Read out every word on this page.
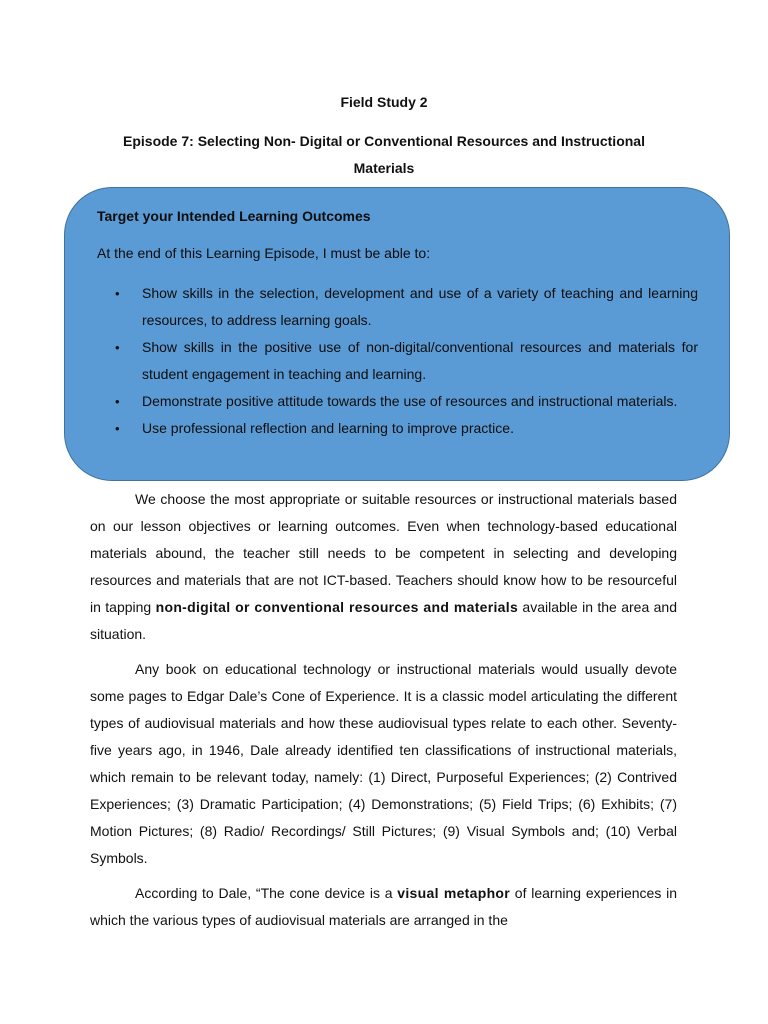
Field Study 2
Episode 7: Selecting Non- Digital or Conventional Resources and Instructional Materials
Target your Intended Learning Outcomes
At the end of this Learning Episode, I must be able to:
• Show skills in the selection, development and use of a variety of teaching and learning resources, to address learning goals.
• Show skills in the positive use of non-digital/conventional resources and materials for student engagement in teaching and learning.
• Demonstrate positive attitude towards the use of resources and instructional materials.
• Use professional reflection and learning to improve practice.

We choose the most appropriate or suitable resources or instructional materials based on our lesson objectives or learning outcomes. Even when technology-based educational materials abound, the teacher still needs to be competent in selecting and developing resources and materials that are not ICT-based. Teachers should know how to be resourceful in tapping non-digital or conventional resources and materials available in the area and situation.

Any book on educational technology or instructional materials would usually devote some pages to Edgar Dale’s Cone of Experience. It is a classic model articulating the different types of audiovisual materials and how these audiovisual types relate to each other. Seventy-five years ago, in 1946, Dale already identified ten classifications of instructional materials, which remain to be relevant today, namely: (1) Direct, Purposeful Experiences; (2) Contrived Experiences; (3) Dramatic Participation; (4) Demonstrations; (5) Field Trips; (6) Exhibits; (7) Motion Pictures; (8) Radio/ Recordings/ Still Pictures; (9) Visual Symbols and; (10) Verbal Symbols.

According to Dale, “The cone device is a visual metaphor of learning experiences in which the various types of audiovisual materials are arranged in the
